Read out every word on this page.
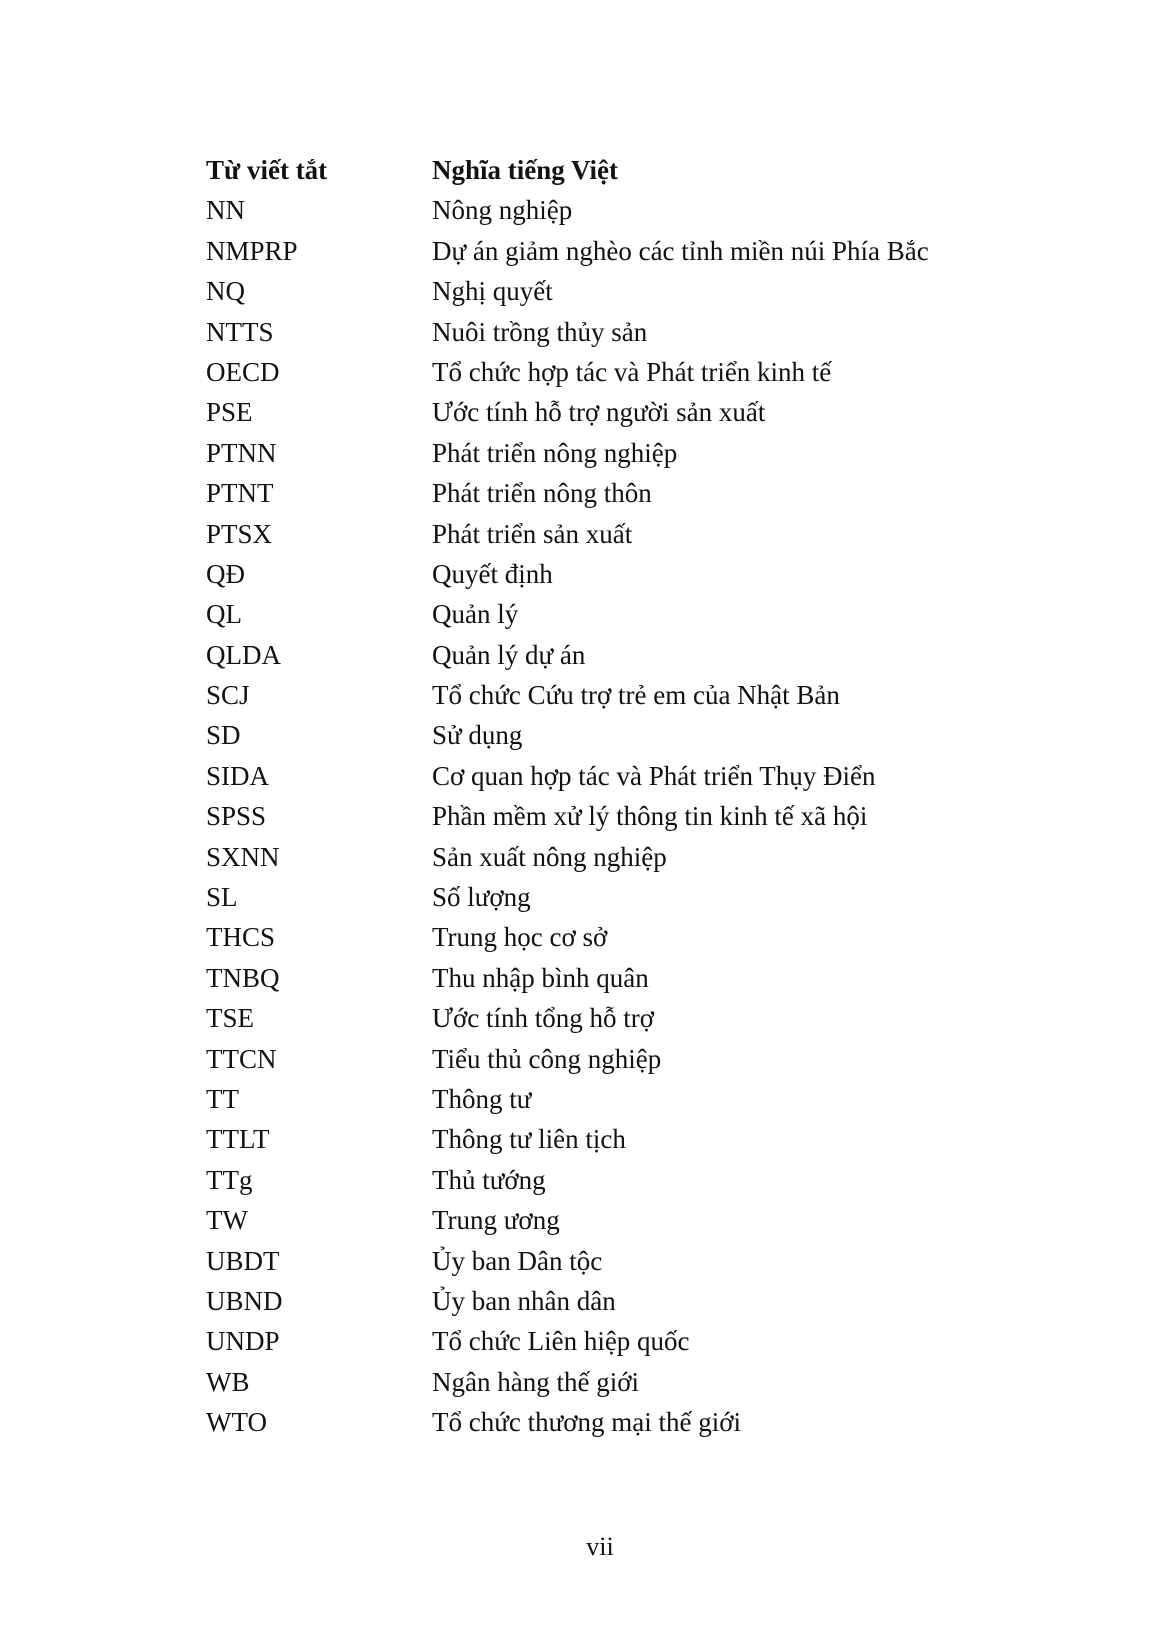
Từ viết tắt	Nghĩa tiếng Việt
NN	Nông nghiệp
NMPRP	Dự án giảm nghèo các tỉnh miền núi Phía Bắc
NQ	Nghị quyết
NTTS	Nuôi trồng thủy sản
OECD	Tổ chức hợp tác và Phát triển kinh tế
PSE	Ước tính hỗ trợ người sản xuất
PTNN	Phát triển nông nghiệp
PTNT	Phát triển nông thôn
PTSX	Phát triển sản xuất
QĐ	Quyết định
QL	Quản lý
QLDA	Quản lý dự án
SCJ	Tổ chức Cứu trợ trẻ em của Nhật Bản
SD	Sử dụng
SIDA	Cơ quan hợp tác và Phát triển Thụy Điển
SPSS	Phần mềm xử lý thông tin kinh tế xã hội
SXNN	Sản xuất nông nghiệp
SL	Số lượng
THCS	Trung học cơ sở
TNBQ	Thu nhập bình quân
TSE	Ước tính tổng hỗ trợ
TTCN	Tiểu thủ công nghiệp
TT	Thông tư
TTLT	Thông tư liên tịch
TTg	Thủ tướng
TW	Trung ương
UBDT	Ủy ban Dân tộc
UBND	Ủy ban nhân dân
UNDP	Tổ chức Liên hiệp quốc
WB	Ngân hàng thế giới
WTO	Tổ chức thương mại thế giới
vii
